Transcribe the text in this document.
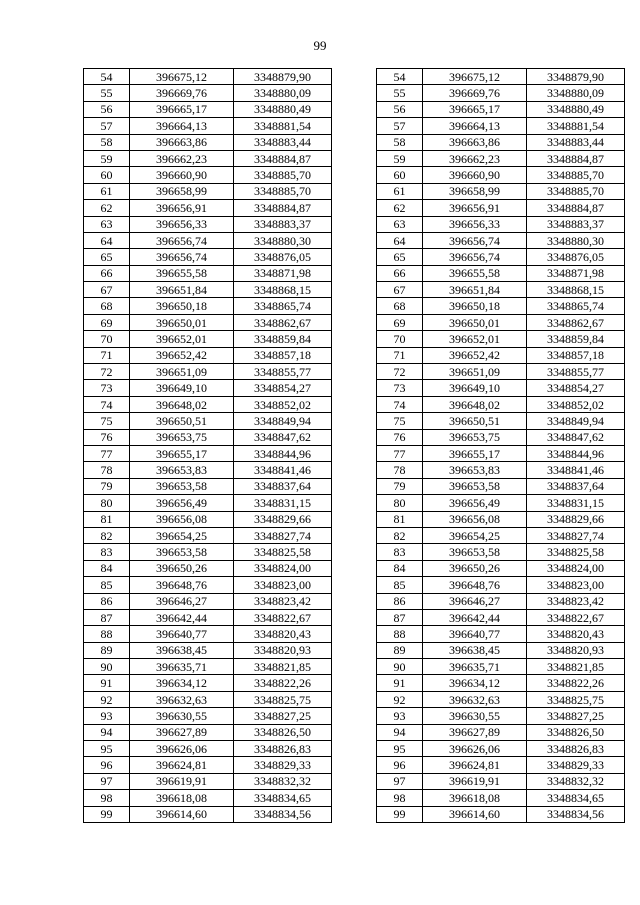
99
54	396675,12	3348879,90
55	396669,76	3348880,09
56	396665,17	3348880,49
57	396664,13	3348881,54
58	396663,86	3348883,44
59	396662,23	3348884,87
60	396660,90	3348885,70
61	396658,99	3348885,70
62	396656,91	3348884,87
63	396656,33	3348883,37
64	396656,74	3348880,30
65	396656,74	3348876,05
66	396655,58	3348871,98
67	396651,84	3348868,15
68	396650,18	3348865,74
69	396650,01	3348862,67
70	396652,01	3348859,84
71	396652,42	3348857,18
72	396651,09	3348855,77
73	396649,10	3348854,27
74	396648,02	3348852,02
75	396650,51	3348849,94
76	396653,75	3348847,62
77	396655,17	3348844,96
78	396653,83	3348841,46
79	396653,58	3348837,64
80	396656,49	3348831,15
81	396656,08	3348829,66
82	396654,25	3348827,74
83	396653,58	3348825,58
84	396650,26	3348824,00
85	396648,76	3348823,00
86	396646,27	3348823,42
87	396642,44	3348822,67
88	396640,77	3348820,43
89	396638,45	3348820,93
90	396635,71	3348821,85
91	396634,12	3348822,26
92	396632,63	3348825,75
93	396630,55	3348827,25
94	396627,89	3348826,50
95	396626,06	3348826,83
96	396624,81	3348829,33
97	396619,91	3348832,32
98	396618,08	3348834,65
99	396614,60	3348834,56
54	396675,12	3348879,90
55	396669,76	3348880,09
56	396665,17	3348880,49
57	396664,13	3348881,54
58	396663,86	3348883,44
59	396662,23	3348884,87
60	396660,90	3348885,70
61	396658,99	3348885,70
62	396656,91	3348884,87
63	396656,33	3348883,37
64	396656,74	3348880,30
65	396656,74	3348876,05
66	396655,58	3348871,98
67	396651,84	3348868,15
68	396650,18	3348865,74
69	396650,01	3348862,67
70	396652,01	3348859,84
71	396652,42	3348857,18
72	396651,09	3348855,77
73	396649,10	3348854,27
74	396648,02	3348852,02
75	396650,51	3348849,94
76	396653,75	3348847,62
77	396655,17	3348844,96
78	396653,83	3348841,46
79	396653,58	3348837,64
80	396656,49	3348831,15
81	396656,08	3348829,66
82	396654,25	3348827,74
83	396653,58	3348825,58
84	396650,26	3348824,00
85	396648,76	3348823,00
86	396646,27	3348823,42
87	396642,44	3348822,67
88	396640,77	3348820,43
89	396638,45	3348820,93
90	396635,71	3348821,85
91	396634,12	3348822,26
92	396632,63	3348825,75
93	396630,55	3348827,25
94	396627,89	3348826,50
95	396626,06	3348826,83
96	396624,81	3348829,33
97	396619,91	3348832,32
98	396618,08	3348834,65
99	396614,60	3348834,56
